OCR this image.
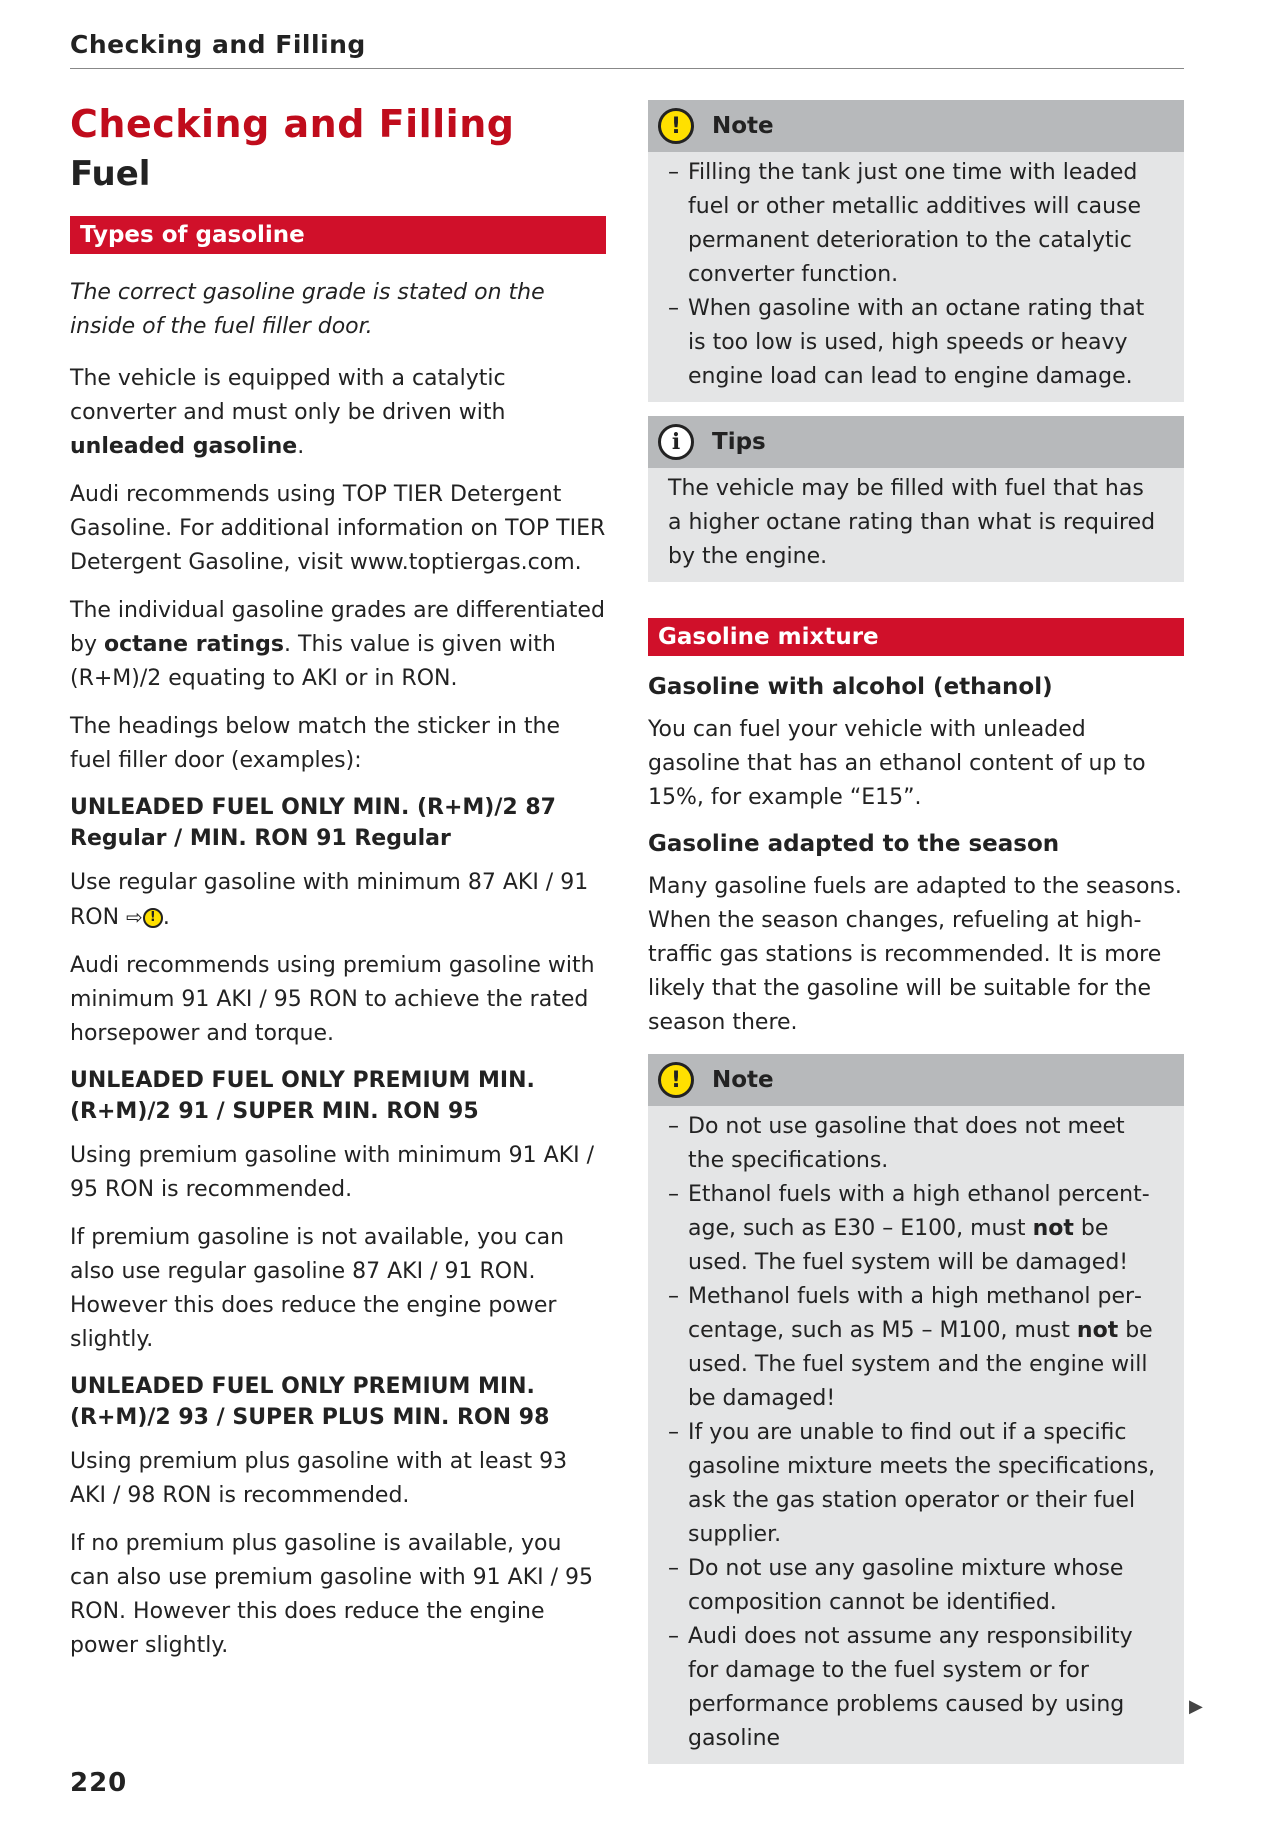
Checking and Filling
Checking and Filling
Fuel
Types of gasoline

The correct gasoline grade is stated on the inside of the fuel filler door.

The vehicle is equipped with a catalytic converter and must only be driven with unleaded gasoline.

Audi recommends using TOP TIER Detergent Gasoline. For additional information on TOP TIER Detergent Gasoline, visit www.toptiergas.com.

The individual gasoline grades are differentiated by octane ratings. This value is given with (R+M)/2 equating to AKI or in RON.

The headings below match the sticker in the fuel filler door (examples):

UNLEADED FUEL ONLY MIN. (R+M)/2 87 Regular / MIN. RON 91 Regular

Use regular gasoline with minimum 87 AKI / 91 RON ⇨ ! .

Audi recommends using premium gasoline with minimum 91 AKI / 95 RON to achieve the rated horsepower and torque.

UNLEADED FUEL ONLY PREMIUM MIN. (R+M)/2 91 / SUPER MIN. RON 95

Using premium gasoline with minimum 91 AKI / 95 RON is recommended.

If premium gasoline is not available, you can also use regular gasoline 87 AKI / 91 RON. However this does reduce the engine power slightly.

UNLEADED FUEL ONLY PREMIUM MIN. (R+M)/2 93 / SUPER PLUS MIN. RON 98

Using premium plus gasoline with at least 93 AKI / 98 RON is recommended.

If no premium plus gasoline is available, you can also use premium gasoline with 91 AKI / 95 RON. However this does reduce the engine power slightly.

!	Note
– Filling the tank just one time with leaded fuel or other metallic additives will cause permanent deterioration to the catalytic converter function.
– When gasoline with an octane rating that is too low is used, high speeds or heavy engine load can lead to engine damage.
i	Tips

The vehicle may be filled with fuel that has a higher octane rating than what is required by the engine.

Gasoline mixture
Gasoline with alcohol (ethanol)

You can fuel your vehicle with unleaded gasoline that has an ethanol content of up to 15%, for example “E15”.

Gasoline adapted to the season

Many gasoline fuels are adapted to the seasons. When the season changes, refueling at high-traffic gas stations is recommended. It is more likely that the gasoline will be suitable for the season there.

!	Note
– Do not use gasoline that does not meet the specifications.
– Ethanol fuels with a high ethanol percentage, such as E30 – E100, must not be used. The fuel system will be damaged!
– Methanol fuels with a high methanol percentage, such as M5 – M100, must not be used. The fuel system and the engine will be damaged!
– If you are unable to find out if a specific gasoline mixture meets the specifications, ask the gas station operator or their fuel supplier.
– Do not use any gasoline mixture whose composition cannot be identified.
– Audi does not assume any responsibility for damage to the fuel system or for performance problems caused by using gasoline
▶
220
